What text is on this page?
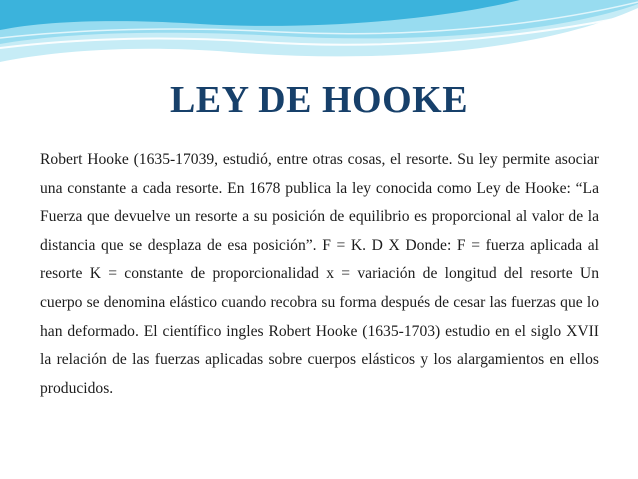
LEY DE HOOKE

Robert Hooke (1635-17039, estudió, entre otras cosas, el resorte. Su ley permite asociar una constante a cada resorte. En 1678 publica la ley conocida como Ley de Hooke: “La Fuerza que devuelve un resorte a su posición de equilibrio es proporcional al valor de la distancia que se desplaza de esa posición”. F = K. D X Donde: F = fuerza aplicada al resorte K = constante de proporcionalidad x = variación de longitud del resorte Un cuerpo se denomina elástico cuando recobra su forma después de cesar las fuerzas que lo han deformado. El científico ingles Robert Hooke (1635-1703) estudio en el siglo XVII la relación de las fuerzas aplicadas sobre cuerpos elásticos y los alargamientos en ellos producidos.
